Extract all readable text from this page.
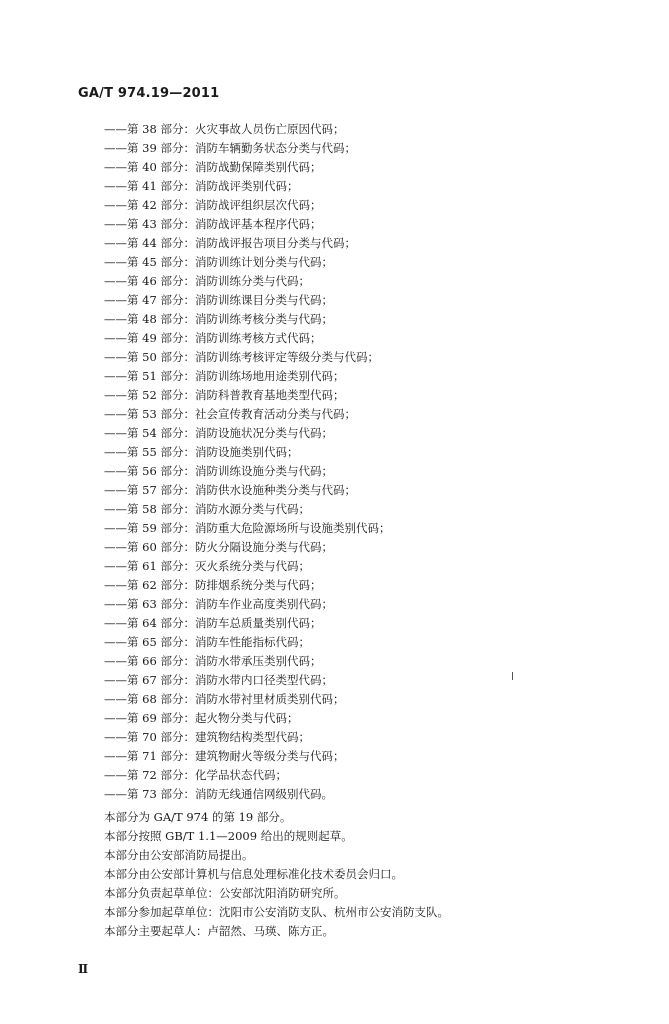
GA/T 974.19—2011
——第 38 部分：火灾事故人员伤亡原因代码；
——第 39 部分：消防车辆勤务状态分类与代码；
——第 40 部分：消防战勤保障类别代码；
——第 41 部分：消防战评类别代码；
——第 42 部分：消防战评组织层次代码；
——第 43 部分：消防战评基本程序代码；
——第 44 部分：消防战评报告项目分类与代码；
——第 45 部分：消防训练计划分类与代码；
——第 46 部分：消防训练分类与代码；
——第 47 部分：消防训练课目分类与代码；
——第 48 部分：消防训练考核分类与代码；
——第 49 部分：消防训练考核方式代码；
——第 50 部分：消防训练考核评定等级分类与代码；
——第 51 部分：消防训练场地用途类别代码；
——第 52 部分：消防科普教育基地类型代码；
——第 53 部分：社会宣传教育活动分类与代码；
——第 54 部分：消防设施状况分类与代码；
——第 55 部分：消防设施类别代码；
——第 56 部分：消防训练设施分类与代码；
——第 57 部分：消防供水设施种类分类与代码；
——第 58 部分：消防水源分类与代码；
——第 59 部分：消防重大危险源场所与设施类别代码；
——第 60 部分：防火分隔设施分类与代码；
——第 61 部分：灭火系统分类与代码；
——第 62 部分：防排烟系统分类与代码；
——第 63 部分：消防车作业高度类别代码；
——第 64 部分：消防车总质量类别代码；
——第 65 部分：消防车性能指标代码；
——第 66 部分：消防水带承压类别代码；
——第 67 部分：消防水带内口径类型代码；
——第 68 部分：消防水带衬里材质类别代码；
——第 69 部分：起火物分类与代码；
——第 70 部分：建筑物结构类型代码；
——第 71 部分：建筑物耐火等级分类与代码；
——第 72 部分：化学品状态代码；
——第 73 部分：消防无线通信网级别代码。

本部分为 GA/T 974 的第 19 部分。

本部分按照 GB/T 1.1—2009 给出的规则起草。

本部分由公安部消防局提出。

本部分由公安部计算机与信息处理标准化技术委员会归口。

本部分负责起草单位：公安部沈阳消防研究所。

本部分参加起草单位：沈阳市公安消防支队、杭州市公安消防支队。

本部分主要起草人：卢韶然、马瑛、陈方正。

Ⅱ
